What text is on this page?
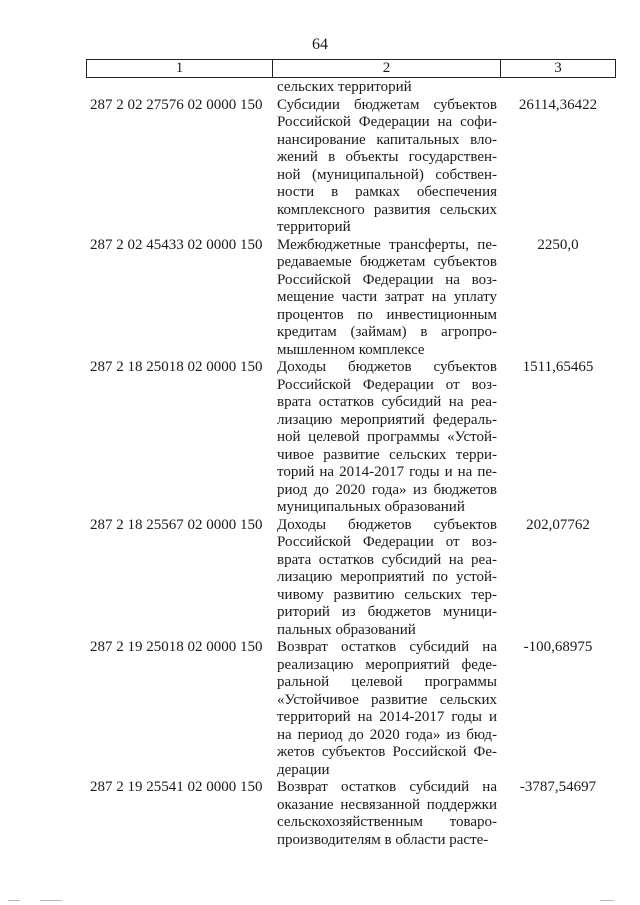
64
1	2	3
сельских территорий
287 2 02 27576 02 0000 150 Субсидии бюджетам субъектов
Российской Федерации на софи-
нансирование капитальных вло-
жений в объекты государствен-
ной (муниципальной) собствен-
ности в рамках обеспечения
комплексного развития сельских
территорий
26114,36422
287 2 02 45433 02 0000 150 Межбюджетные трансферты, пе-
редаваемые бюджетам субъектов
Российской Федерации на воз-
мещение части затрат на уплату
процентов по инвестиционным
кредитам (займам) в агропро-
мышленном комплексе
2250,0
287 2 18 25018 02 0000 150 Доходы бюджетов субъектов
Российской Федерации от воз-
врата остатков субсидий на реа-
лизацию мероприятий федераль-
ной целевой программы «Устой-
чивое развитие сельских терри-
торий на 2014-2017 годы и на пе-
риод до 2020 года» из бюджетов
муниципальных образований
1511,65465
287 2 18 25567 02 0000 150 Доходы бюджетов субъектов
Российской Федерации от воз-
врата остатков субсидий на реа-
лизацию мероприятий по устой-
чивому развитию сельских тер-
риторий из бюджетов муници-
пальных образований
202,07762
287 2 19 25018 02 0000 150 Возврат остатков субсидий на
реализацию мероприятий феде-
ральной целевой программы
«Устойчивое развитие сельских
территорий на 2014-2017 годы и
на период до 2020 года» из бюд-
жетов субъектов Российской Фе-
дерации
-100,68975
287 2 19 25541 02 0000 150 Возврат остатков субсидий на
оказание несвязанной поддержки
сельскохозяйственным товаро-
производителям в области расте-
-3787,54697
